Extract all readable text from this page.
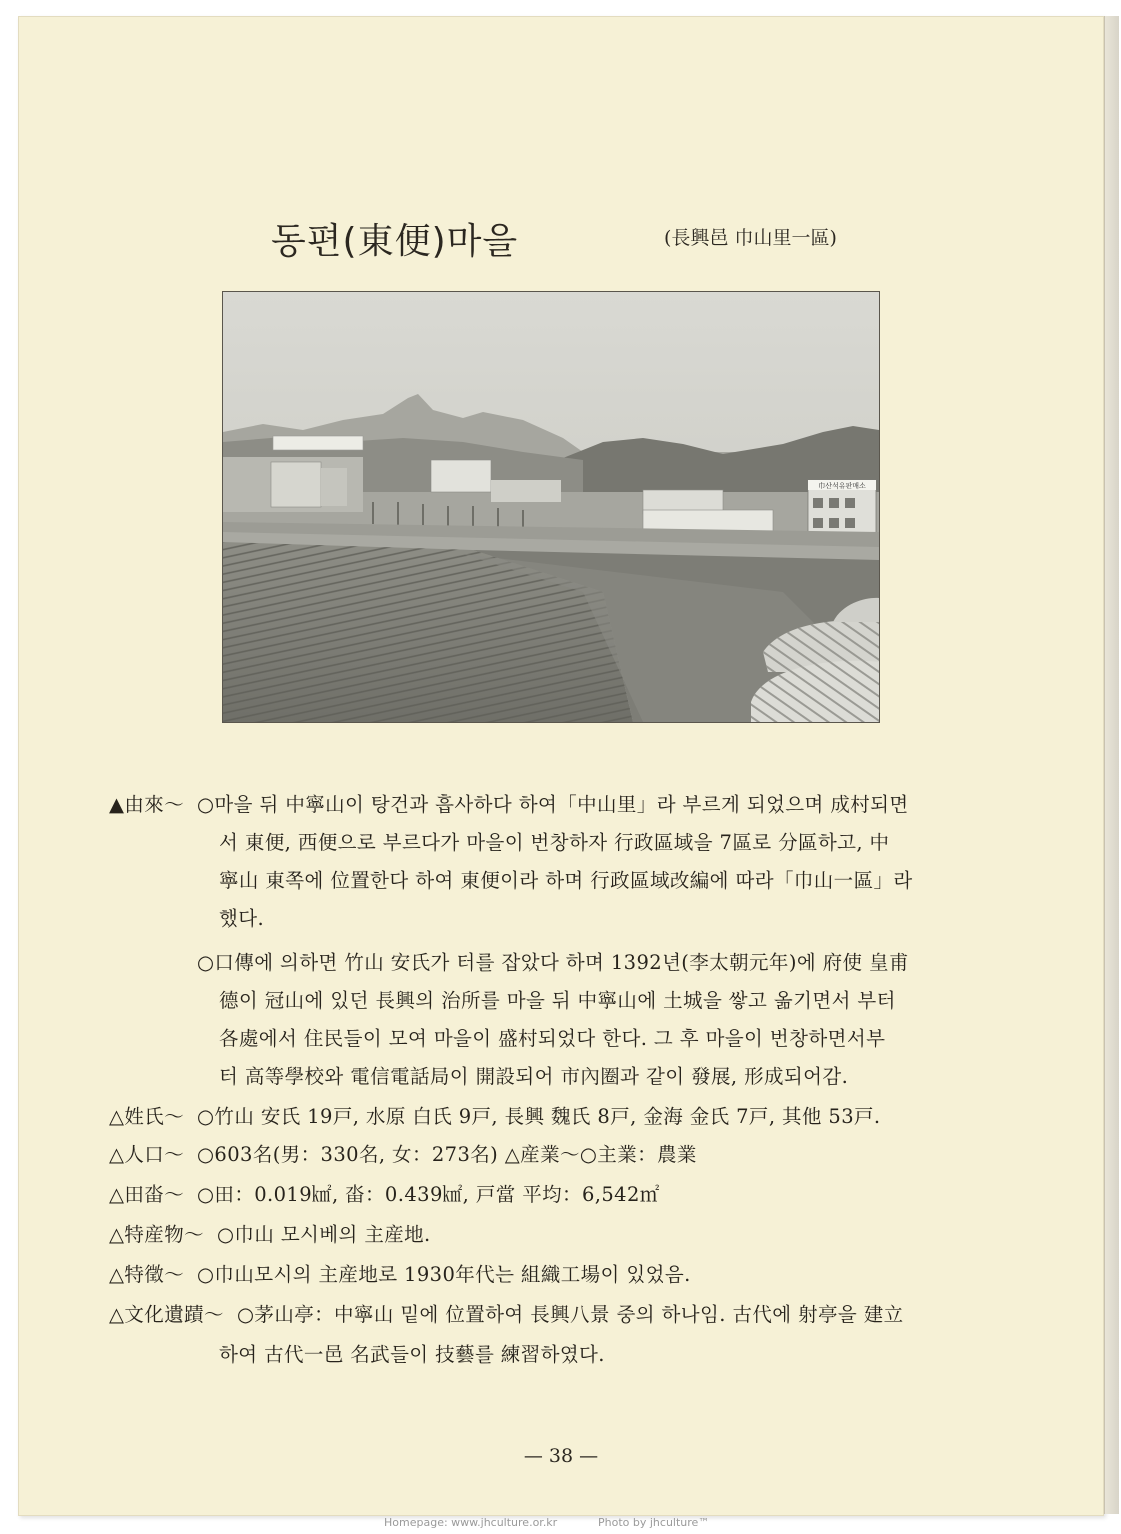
동편(東便)마을	(長興邑 巾山里一區)
巾산석유판매소
▲由來～ ○마을 뒤 中寧山이 탕건과 흡사하다 하여「中山里」라 부르게 되었으며 成村되면
서 東便, 西便으로 부르다가 마을이 번창하자 行政區域을 7區로 分區하고, 中
寧山 東쪽에 位置한다 하여 東便이라 하며 行政區域改編에 따라「巾山一區」라
했다.
○口傳에 의하면 竹山 安氏가 터를 잡았다 하며 1392년(李太朝元年)에 府使 皇甫
德이 冠山에 있던 長興의 治所를 마을 뒤 中寧山에 土城을 쌓고 옮기면서 부터
各處에서 住民들이 모여 마을이 盛村되었다 한다. 그 후 마을이 번창하면서부
터 高等學校와 電信電話局이 開設되어 市內圈과 같이 發展, 形成되어감.
△姓氏～ ○竹山 安氏 19戸, 水原 白氏 9戸, 長興 魏氏 8戸, 金海 金氏 7戸, 其他 53戸.
△人口～ ○603名(男：330名, 女：273名) △産業～○主業：農業
△田畓～ ○田：0.019㎢, 畓：0.439㎢, 戸當 平均：6,542㎡
△特産物～ ○巾山 모시베의 主産地.
△特徵～ ○巾山모시의 主産地로 1930年代는 組織工場이 있었음.
△文化遺蹟～ ○茅山亭：中寧山 밑에 位置하여 長興八景 중의 하나임. 古代에 射亭을 建立
하여 古代一邑 名武들이 技藝를 練習하였다.
— 38 —
Homepage: www.jhculture.or.kr	Photo by jhculture™
